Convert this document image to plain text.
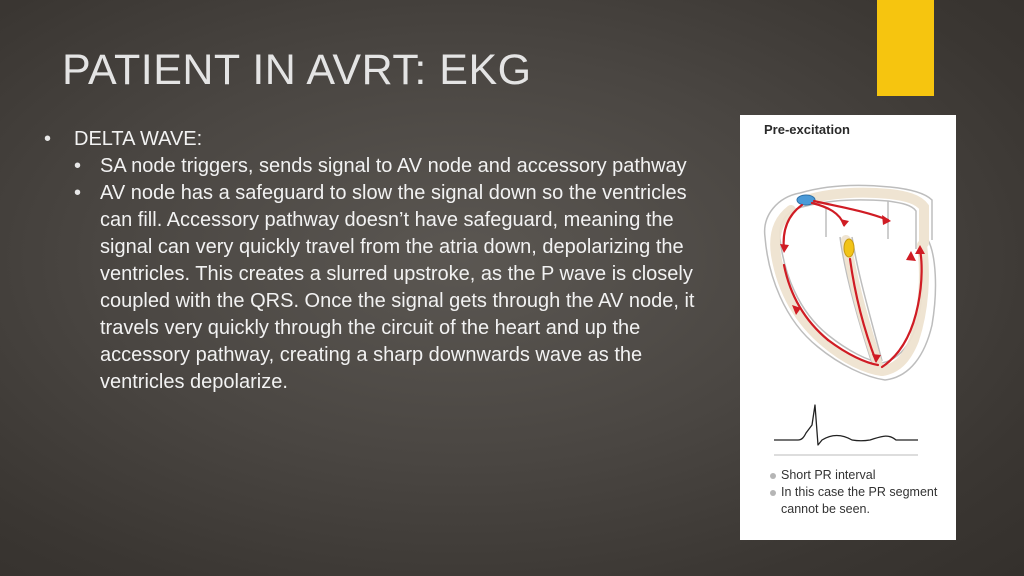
PATIENT IN AVRT: EKG
•	DELTA WAVE:
• SA node triggers, sends signal to AV node and accessory pathway
• AV node has a safeguard to slow the signal down so the ventricles can fill. Accessory pathway doesn’t have safeguard, meaning the signal can very quickly travel from the atria down, depolarizing the ventricles. This creates a slurred upstroke, as the P wave is closely coupled with the QRS. Once the signal gets through the AV node, it travels very quickly through the circuit of the heart and up the accessory pathway, creating a sharp downwards wave as the ventricles depolarize.
Pre-excitation
Short PR interval
In this case the PR segment cannot be seen.
